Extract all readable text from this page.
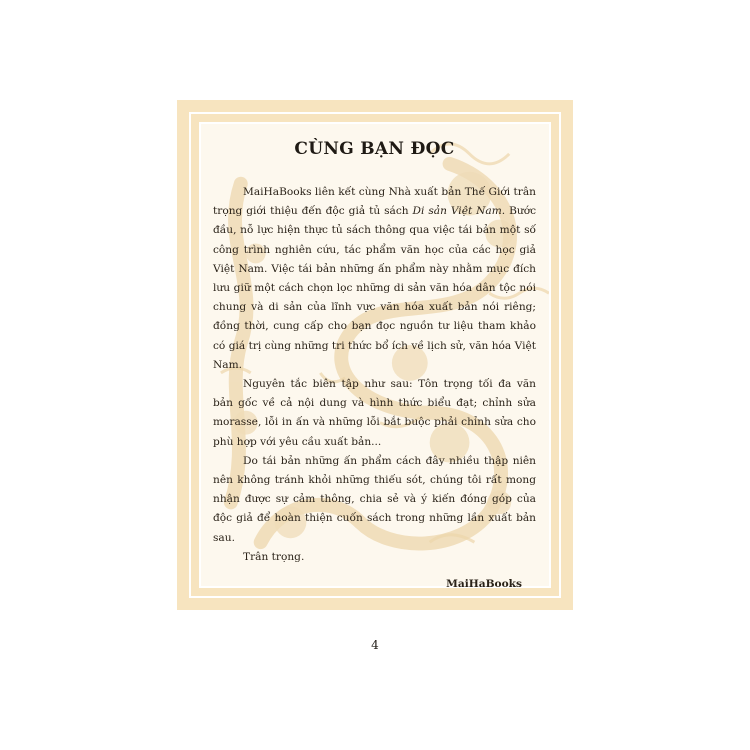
CÙNG BẠN ĐỌC

MaiHaBooks liên kết cùng Nhà xuất bản Thế Giới trân trọng giới thiệu đến độc giả tủ sách Di sản Việt Nam. Bước đầu, nỗ lực hiện thực tủ sách thông qua việc tái bản một số công trình nghiên cứu, tác phẩm văn học của các học giả Việt Nam. Việc tái bản những ấn phẩm này nhằm mục đích lưu giữ một cách chọn lọc những di sản văn hóa dân tộc nói chung và di sản của lĩnh vực văn hóa xuất bản nói riêng; đồng thời, cung cấp cho bạn đọc nguồn tư liệu tham khảo có giá trị cùng những tri thức bổ ích về lịch sử, văn hóa Việt Nam.

Nguyên tắc biên tập như sau: Tôn trọng tối đa văn bản gốc về cả nội dung và hình thức biểu đạt; chỉnh sửa morasse, lỗi in ấn và những lỗi bắt buộc phải chỉnh sửa cho phù hợp với yêu cầu xuất bản...

Do tái bản những ấn phẩm cách đây nhiều thập niên nên không tránh khỏi những thiếu sót, chúng tôi rất mong nhận được sự cảm thông, chia sẻ và ý kiến đóng góp của độc giả để hoàn thiện cuốn sách trong những lần xuất bản sau.

Trân trọng.

MaiHaBooks
4
